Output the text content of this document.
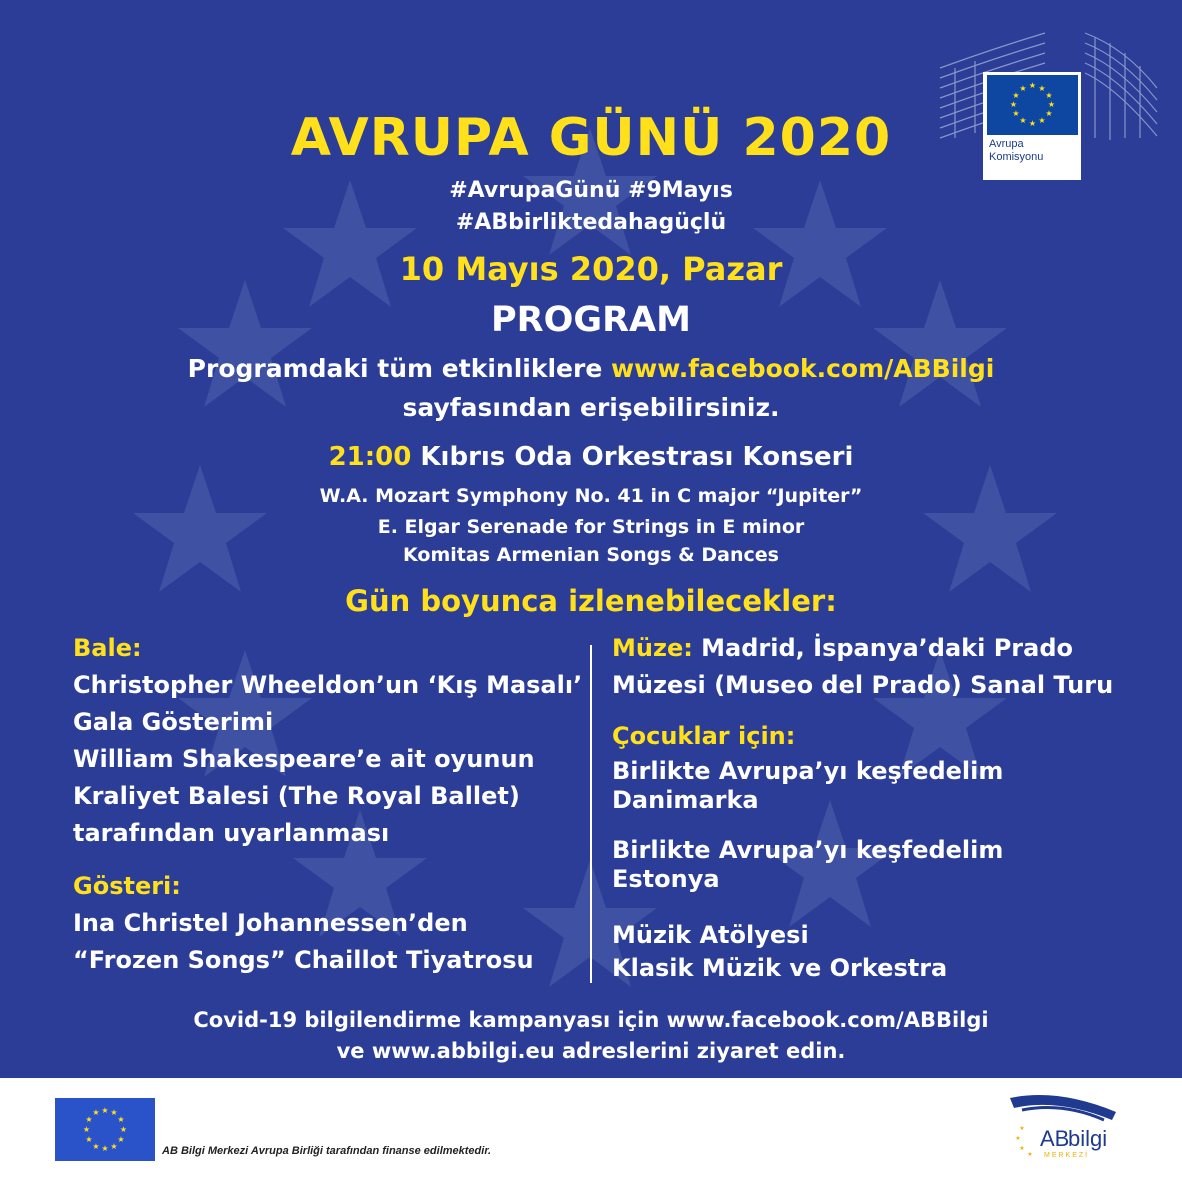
AVRUPA GÜNÜ 2020
#AvrupaGünü #9Mayıs
#ABbirliktedahagüçlü
10 Mayıs 2020, Pazar
PROGRAM
Programdaki tüm etkinliklere www.facebook.com/ABBilgi
sayfasından erişebilirsiniz.
21:00 Kıbrıs Oda Orkestrası Konseri
W.A. Mozart Symphony No. 41 in C major “Jupiter”
E. Elgar Serenade for Strings in E minor
Komitas Armenian Songs & Dances
Gün boyunca izlenebilecekler:
Bale:
Christopher Wheeldon’un ‘Kış Masalı’
Gala Gösterimi
William Shakespeare’e ait oyunun
Kraliyet Balesi (The Royal Ballet)
tarafından uyarlanması
Gösteri:
Ina Christel Johannessen’den
“Frozen Songs” Chaillot Tiyatrosu
Müze: Madrid, İspanya’daki Prado
Müzesi (Museo del Prado) Sanal Turu
Çocuklar için:
Birlikte Avrupa’yı keşfedelim
Danimarka
Birlikte Avrupa’yı keşfedelim
Estonya
Müzik Atölyesi
Klasik Müzik ve Orkestra
Covid-19 bilgilendirme kampanyası için www.facebook.com/ABBilgi
ve www.abbilgi.eu adreslerini ziyaret edin.
★ ★
★
★
★
★
★
★
★
★
★
★
Avrupa
Komisyonu
★ ★
★
★
★
★
★
★
★
★
★
★
AB Bilgi Merkezi Avrupa Birliği tarafından finanse edilmektedir.
★
★
★
★
AB
bilgi
MERKEZİ
